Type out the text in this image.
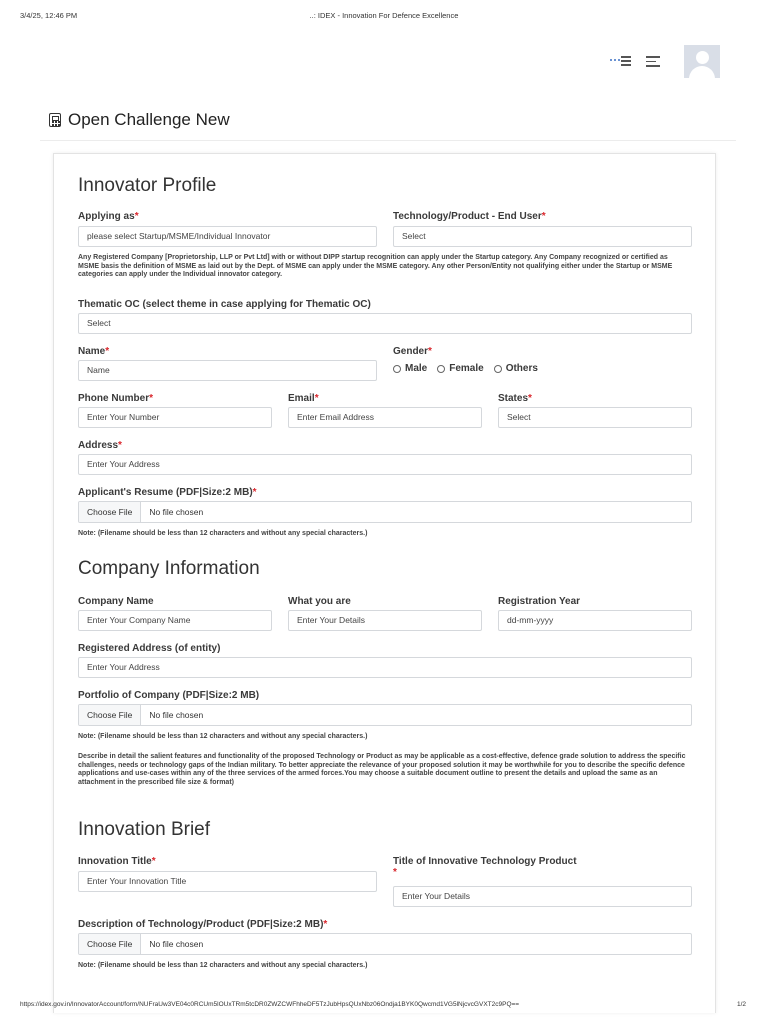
3/4/25, 12:46 PM	..: IDEX - Innovation For Defence Excellence
Open Challenge New
Innovator Profile
Applying as*
please select Startup/MSME/Individual Innovator
Technology/Product - End User*
Select
Any Registered Company [Proprietorship, LLP or Pvt Ltd] with or without DIPP startup recognition can apply under the Startup category. Any Company recognized or certified as MSME basis the definition of MSME as laid out by the Dept. of MSME can apply under the MSME category. Any other Person/Entity not qualifying either under the Startup or MSME categories can apply under the Individual innovator category.
Thematic OC (select theme in case applying for Thematic OC)
Select
Name*
Name
Gender*
Male Female Others
Phone Number*
Enter Your Number
Email*
Enter Email Address
States*
Select
Address*
Enter Your Address
Applicant's Resume (PDF|Size:2 MB)*
Choose File	No file chosen
Note: (Filename should be less than 12 characters and without any special characters.)
Company Information
Company Name
Enter Your Company Name
What you are
Enter Your Details
Registration Year
dd-mm-yyyy
Registered Address (of entity)
Enter Your Address
Portfolio of Company (PDF|Size:2 MB)
Choose File	No file chosen
Note: (Filename should be less than 12 characters and without any special characters.)
Describe in detail the salient features and functionality of the proposed Technology or Product as may be applicable as a cost-effective, defence grade solution to address the specific challenges, needs or technology gaps of the Indian military. To better appreciate the relevance of your proposed solution it may be worthwhile for you to describe the specific defence applications and use-cases within any of the three services of the armed forces.You may choose a suitable document outline to present the details and upload the same as an attachment in the prescribed file size & format)
Innovation Brief
Innovation Title*
Enter Your Innovation Title
Title of Innovative Technology Product
*
Enter Your Details
Description of Technology/Product (PDF|Size:2 MB)*
Choose File	No file chosen
Note: (Filename should be less than 12 characters and without any special characters.)
https://idex.gov.in/InnovatorAccount/form/NUFraUw3VE04c0RCUm5lOUxTRm5tcDR0ZWZCWFhheDF5TzJubHpsQUxNbz06Ondja1BYK0Qwcmd1VG5lNjcvcGVXT2c9PQ==	1/2
